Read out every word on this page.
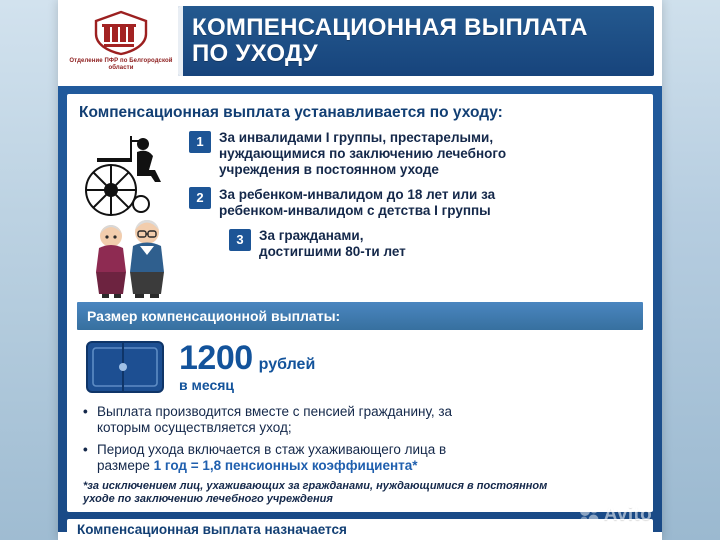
Отделение ПФР по Белгородской области
КОМПЕНСАЦИОННАЯ ВЫПЛАТА
ПО УХОДУ
Компенсационная выплата устанавливается по уходу:
1	За инвалидами I группы, престарелыми,
нуждающимися по заключению лечебного
учреждения в постоянном уходе
2	За ребенком-инвалидом до 18 лет или за
ребенком-инвалидом с детства I группы
3	За гражданами,
достигшими 80-ти лет
Размер компенсационной выплаты:
1200 рублей
в месяц
• Выплата производится вместе с пенсией гражданину, за
которым осуществляется уход;
• Период ухода включается в стаж ухаживающего лица в
размере 1 год = 1,8 пенсионных коэффициента*
*за исключением лиц, ухаживающих за гражданами, нуждающимися в постоянном
уходе по заключению лечебного учреждения
Компенсационная выплата назначается
Avito
